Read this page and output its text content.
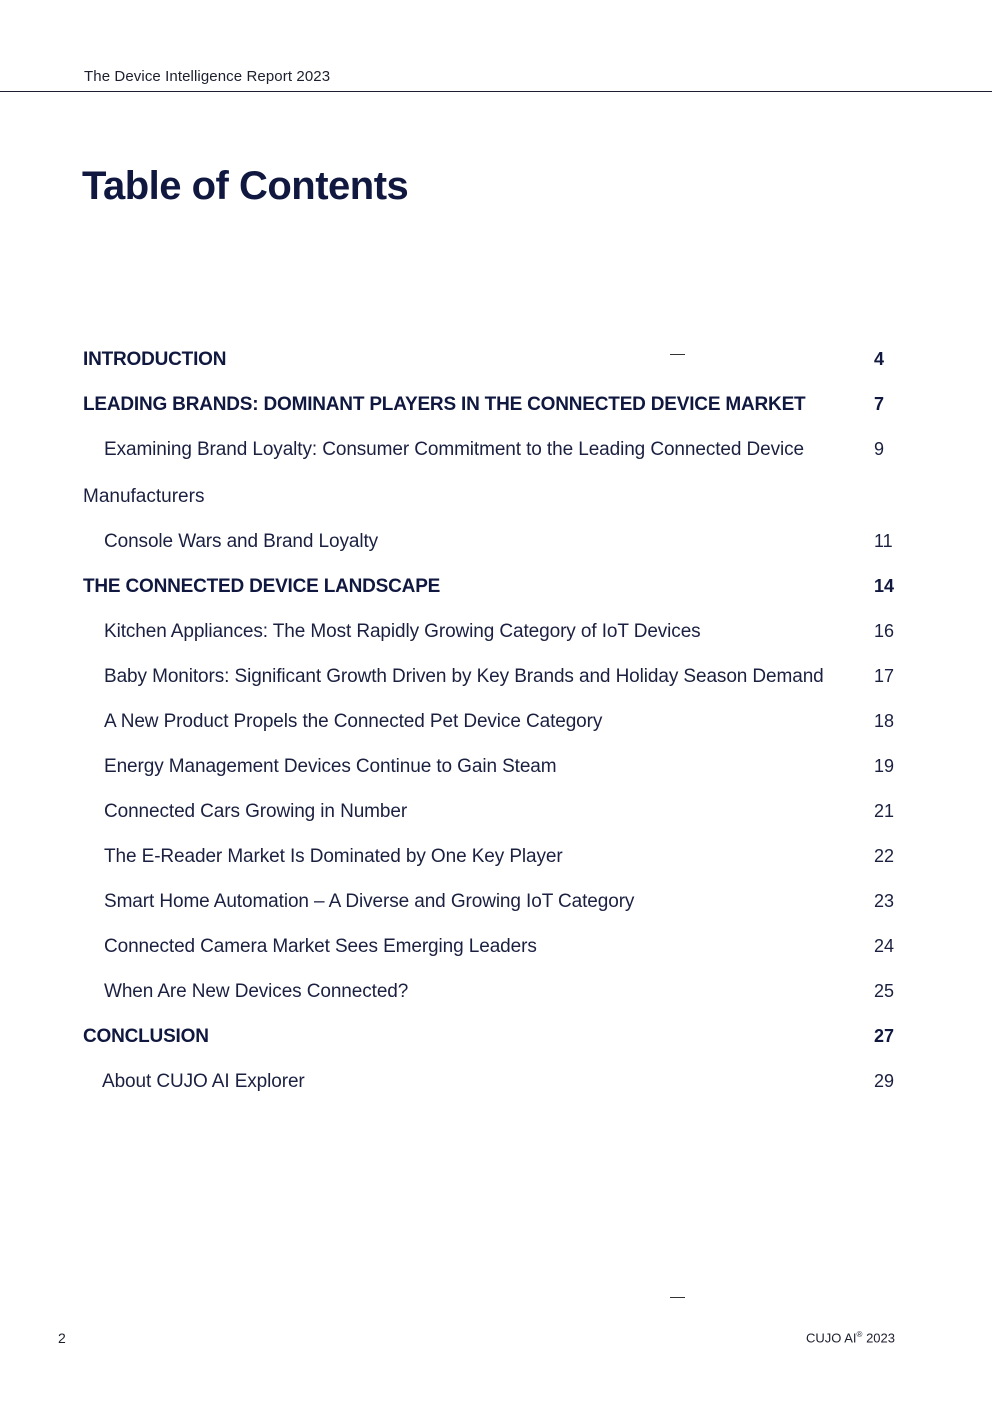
The Device Intelligence Report 2023
Table of Contents
INTRODUCTION	4
LEADING BRANDS: DOMINANT PLAYERS IN THE CONNECTED DEVICE MARKET	7
Examining Brand Loyalty: Consumer Commitment to the Leading Connected Device	9
Manufacturers
Console Wars and Brand Loyalty	11
THE CONNECTED DEVICE LANDSCAPE	14
Kitchen Appliances: The Most Rapidly Growing Category of IoT Devices	16
Baby Monitors: Significant Growth Driven by Key Brands and Holiday Season Demand	17
A New Product Propels the Connected Pet Device Category	18
Energy Management Devices Continue to Gain Steam	19
Connected Cars Growing in Number	21
The E-Reader Market Is Dominated by One Key Player	22
Smart Home Automation – A Diverse and Growing IoT Category	23
Connected Camera Market Sees Emerging Leaders	24
When Are New Devices Connected?	25
CONCLUSION	27
About CUJO AI Explorer	29
2	CUJO AI® 2023
